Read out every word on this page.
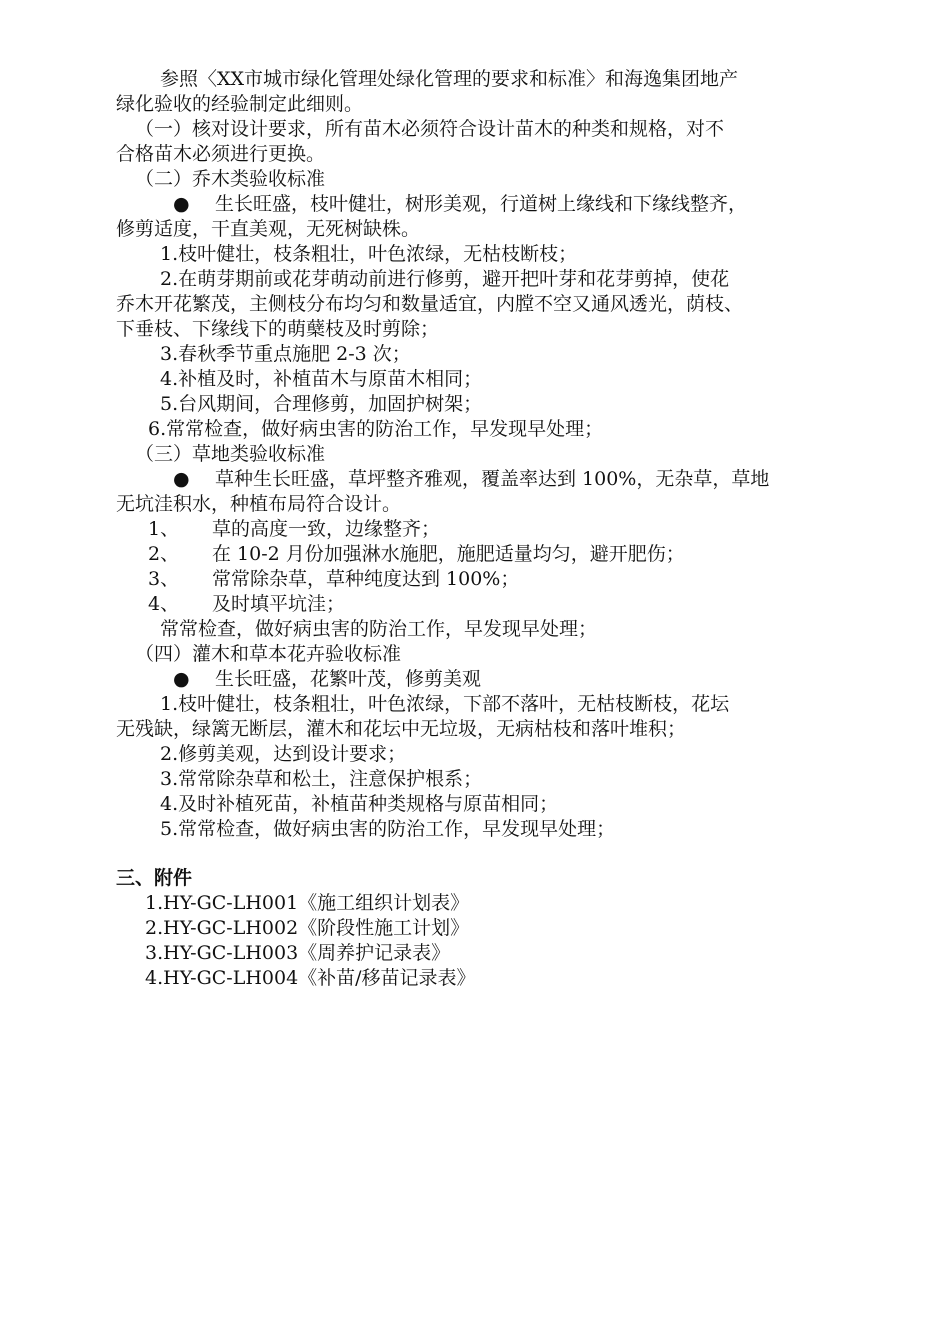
参照〈XX市城市绿化管理处绿化管理的要求和标准〉和海逸集团地产
绿化验收的经验制定此细则。
（一）核对设计要求，所有苗木必须符合设计苗木的种类和规格，对不
合格苗木必须进行更换。
（二）乔木类验收标准
● 生长旺盛，枝叶健壮，树形美观，行道树上缘线和下缘线整齐，
修剪适度，干直美观，无死树缺株。
1.枝叶健壮，枝条粗壮，叶色浓绿，无枯枝断枝；
2.在萌芽期前或花芽萌动前进行修剪，避开把叶芽和花芽剪掉，使花
乔木开花繁茂，主侧枝分布均匀和数量适宜，内膛不空又通风透光，荫枝、
下垂枝、下缘线下的萌蘖枝及时剪除；
3.春秋季节重点施肥 2-3 次；
4.补植及时，补植苗木与原苗木相同；
5.台风期间，合理修剪，加固护树架；
6.常常检查，做好病虫害的防治工作，早发现早处理；
（三）草地类验收标准
● 草种生长旺盛，草坪整齐雅观，覆盖率达到 100%，无杂草，草地
无坑洼积水，种植布局符合设计。
1、 草的高度一致，边缘整齐；
2、 在 10-2 月份加强淋水施肥，施肥适量均匀，避开肥伤；
3、 常常除杂草，草种纯度达到 100%；
4、 及时填平坑洼；
常常检查，做好病虫害的防治工作，早发现早处理；
（四）灌木和草本花卉验收标准
● 生长旺盛，花繁叶茂，修剪美观
1.枝叶健壮，枝条粗壮，叶色浓绿，下部不落叶，无枯枝断枝，花坛
无残缺，绿篱无断层，灌木和花坛中无垃圾，无病枯枝和落叶堆积；
2.修剪美观，达到设计要求；
3.常常除杂草和松土，注意保护根系；
4.及时补植死苗，补植苗种类规格与原苗相同；
5.常常检查，做好病虫害的防治工作，早发现早处理；
三、附件
1.HY-GC-LH001《施工组织计划表》
2.HY-GC-LH002《阶段性施工计划》
3.HY-GC-LH003《周养护记录表》
4.HY-GC-LH004《补苗/移苗记录表》
